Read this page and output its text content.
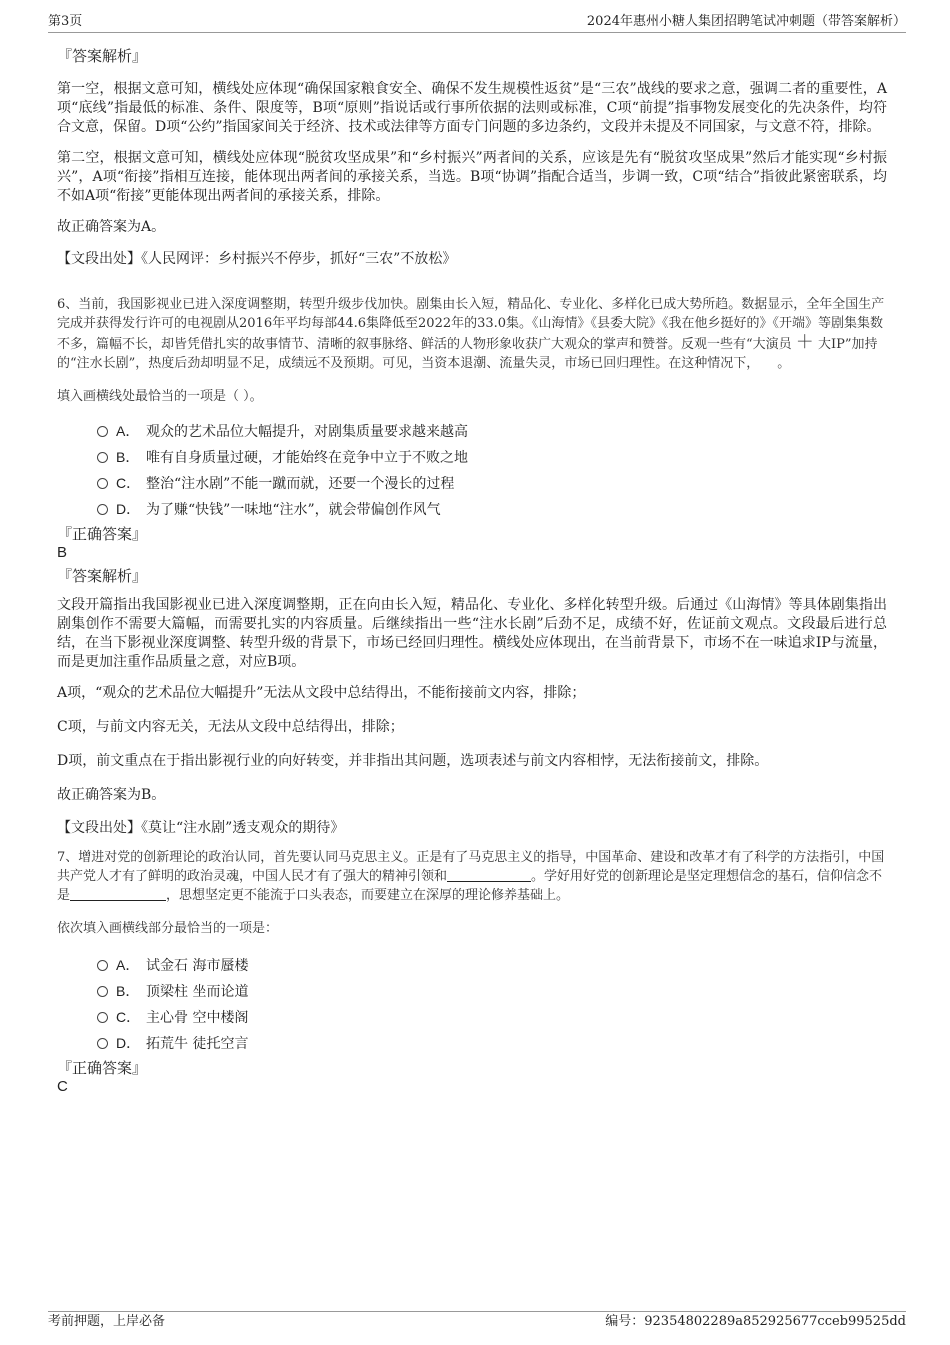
第3页	2024年惠州小糖人集团招聘笔试冲刺题（带答案解析）

『答案解析』

第一空，根据文意可知，横线处应体现“确保国家粮食安全、确保不发生规模性返贫”是“三农”战线的要求之意，强调二者的重要性，A项“底线”指最低的标准、条件、限度等，B项“原则”指说话或行事所依据的法则或标准，C项“前提”指事物发展变化的先决条件，均符合文意，保留。D项“公约”指国家间关于经济、技术或法律等方面专门问题的多边条约，文段并未提及不同国家，与文意不符，排除。

第二空，根据文意可知，横线处应体现“脱贫攻坚成果”和“乡村振兴”两者间的关系，应该是先有“脱贫攻坚成果”然后才能实现“乡村振兴”，A项“衔接”指相互连接，能体现出两者间的承接关系，当选。B项“协调”指配合适当，步调一致，C项“结合”指彼此紧密联系，均不如A项“衔接”更能体现出两者间的承接关系，排除。

故正确答案为A。

【文段出处】《人民网评：乡村振兴不停步，抓好“三农”不放松》

6、当前，我国影视业已进入深度调整期，转型升级步伐加快。剧集由长入短，精品化、专业化、多样化已成大势所趋。数据显示，全年全国生产完成并获得发行许可的电视剧从2016年平均每部44.6集降低至2022年的33.0集。《山海情》《县委大院》《我在他乡挺好的》《开端》等剧集集数不多，篇幅不长，却皆凭借扎实的故事情节、清晰的叙事脉络、鲜活的人物形象收获广大观众的掌声和赞誉。反观一些有“大演员 ＋ 大IP”加持的“注水长剧”，热度后劲却明显不足，成绩远不及预期。可见，当资本退潮、流量失灵，市场已回归理性。在这种情况下， 。

填入画横线处最恰当的一项是（ ）。

A． 观众的艺术品位大幅提升，对剧集质量要求越来越高
B． 唯有自身质量过硬，才能始终在竞争中立于不败之地
C． 整治“注水剧”不能一蹴而就，还要一个漫长的过程
D． 为了赚“快钱”一味地“注水”，就会带偏创作风气

『正确答案』

B

『答案解析』

文段开篇指出我国影视业已进入深度调整期，正在向由长入短，精品化、专业化、多样化转型升级。后通过《山海情》等具体剧集指出剧集创作不需要大篇幅，而需要扎实的内容质量。后继续指出一些“注水长剧”后劲不足，成绩不好，佐证前文观点。文段最后进行总结，在当下影视业深度调整、转型升级的背景下，市场已经回归理性。横线处应体现出，在当前背景下，市场不在一味追求IP与流量，而是更加注重作品质量之意，对应B项。

A项，“观众的艺术品位大幅提升”无法从文段中总结得出，不能衔接前文内容，排除；

C项，与前文内容无关，无法从文段中总结得出，排除；

D项，前文重点在于指出影视行业的向好转变，并非指出其问题，选项表述与前文内容相悖，无法衔接前文，排除。

故正确答案为B。

【文段出处】《莫让“注水剧”透支观众的期待》

7、增进对党的创新理论的政治认同，首先要认同马克思主义。正是有了马克思主义的指导，中国革命、建设和改革才有了科学的方法指引，中国共产党人才有了鲜明的政治灵魂，中国人民才有了强大的精神引领和	。学好用好党的创新理论是坚定理想信念的基石，信仰信念不是	，思想坚定更不能流于口头表态，而要建立在深厚的理论修养基础上。

依次填入画横线部分最恰当的一项是：

A． 试金石 海市蜃楼
B． 顶梁柱 坐而论道
C． 主心骨 空中楼阁
D． 拓荒牛 徒托空言

『正确答案』

C

考前押题，上岸必备	编号：92354802289a852925677cceb99525dd
